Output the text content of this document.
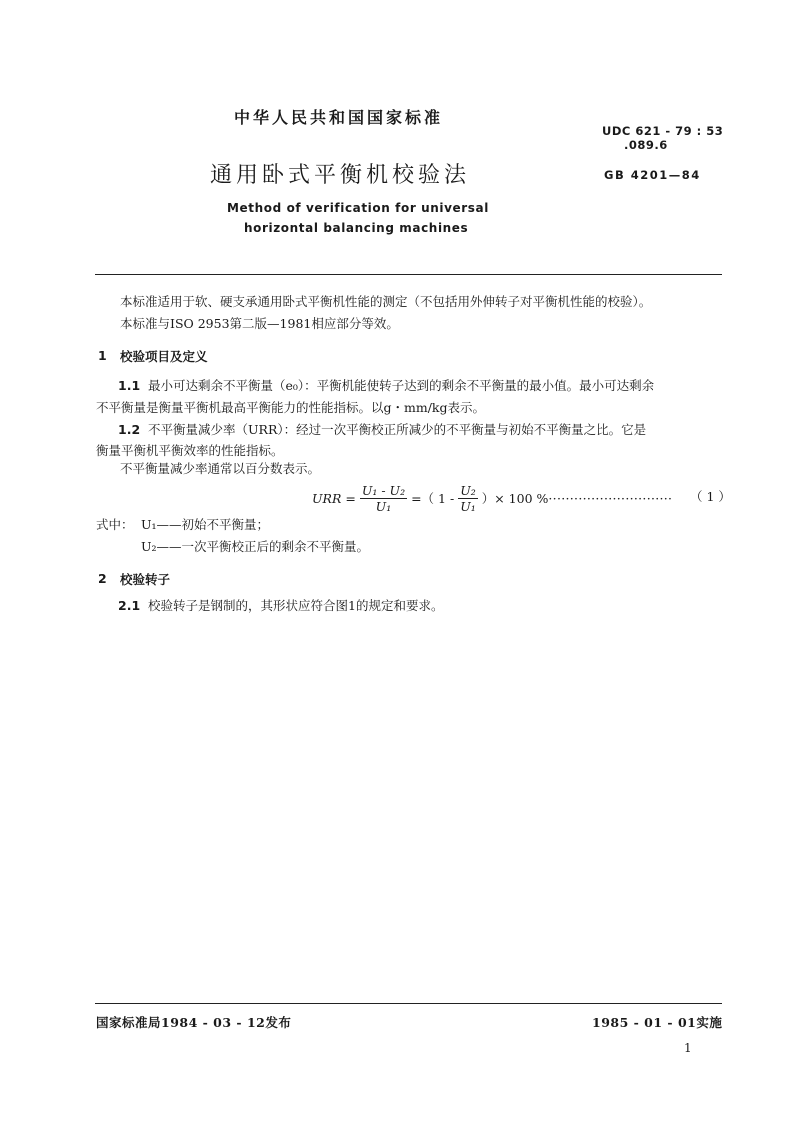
中华人民共和国国家标准
UDC 621 - 79 : 53
.089.6
通用卧式平衡机校验法	GB 4201—84
Method of verification for universal
horizontal balancing machines
本标准适用于软、硬支承通用卧式平衡机性能的测定（不包括用外伸转子对平衡机性能的校验）。
本标准与ISO 2953第二版—1981相应部分等效。
1 校验项目及定义
1.1 最小可达剩余不平衡量（e₀）：平衡机能使转子达到的剩余不平衡量的最小值。最小可达剩余
不平衡量是衡量平衡机最高平衡能力的性能指标。以g・mm/kg表示。
1.2 不平衡量减少率（URR）：经过一次平衡校正所减少的不平衡量与初始不平衡量之比。它是
衡量平衡机平衡效率的性能指标。
不平衡量减少率通常以百分数表示。
URR = $\frac{\text{U₁ - U₂}}{\text{U₁}}$ =（ $1 - \frac{\text{U₂}}{\text{U₁}}$ ）× 100 % ····························· （ 1 ）
式中： U₁——初始不平衡量；
U₂——一次平衡校正后的剩余不平衡量。
2 校验转子
2.1 校验转子是钢制的，其形状应符合图1的规定和要求。
国家标准局1984 - 03 - 12发布	1985 - 01 - 01实施
1
